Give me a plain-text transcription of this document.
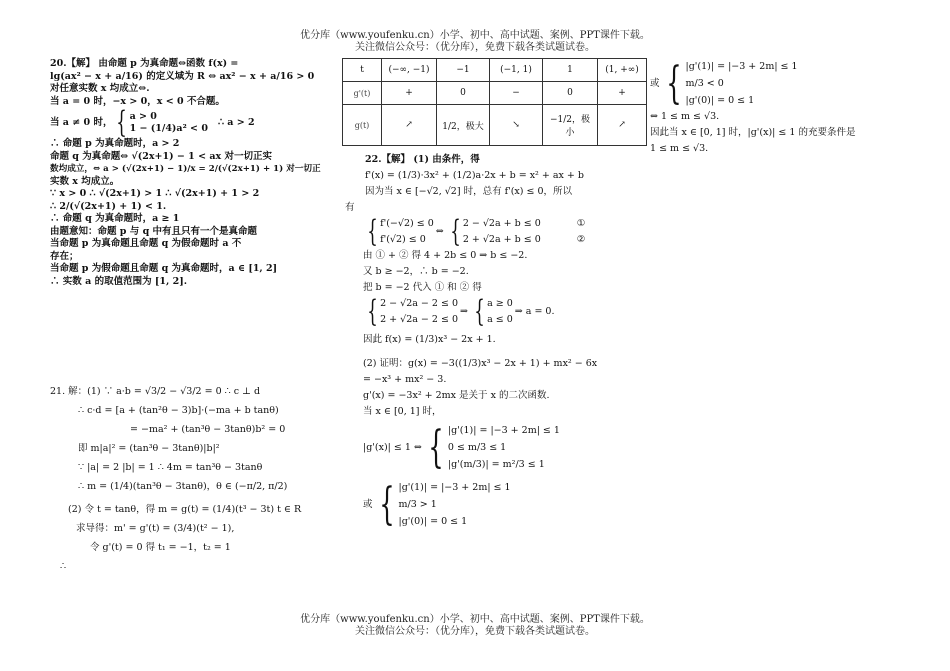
优分库（www.youfenku.cn）小学、初中、高中试题、案例、PPT课件下载。
关注微信公众号：（优分库），免费下载各类试题试卷。
20.【解】 由命题 p 为真命题⇔函数 f(x) =
lg(ax² − x + a/16) 的定义域为 R ⇔ ax² − x + a/16 > 0
对任意实数 x 均成立⇔.
当 a = 0 时，−x > 0，x < 0 不合题。
当 a ≠ 0 时， { a > 0
1 − (1/4)a² < 0
∴ a > 2
∴ 命题 p 为真命题时，a > 2
命题 q 为真命题⇔ √(2x+1) − 1 < ax 对一切正实
数均成立，⇔ a > (√(2x+1) − 1)/x = 2/(√(2x+1) + 1) 对一切正
实数 x 均成立。
∵ x > 0 ∴ √(2x+1) > 1 ∴ √(2x+1) + 1 > 2
∴ 2/(√(2x+1) + 1) < 1.
∴ 命题 q 为真命题时，a ≥ 1
由题意知：命题 p 与 q 中有且只有一个是真命题
当命题 p 为真命题且命题 q 为假命题时 a 不
存在；
当命题 p 为假命题且命题 q 为真命题时，a ∈ [1, 2]
∴ 实数 a 的取值范围为 [1, 2].
21. 解：(1) ∵ a·b = √3/2 − √3/2 = 0 ∴ c ⊥ d
∴ c·d = [a + (tan²θ − 3)b]·(−ma + b tanθ)
= −ma² + (tan³θ − 3tanθ)b² = 0
即 m|a|² = (tan³θ − 3tanθ)|b|²
∵ |a| = 2 |b| = 1 ∴ 4m = tan³θ − 3tanθ
∴ m = (1/4)(tan³θ − 3tanθ)，θ ∈ (−π/2, π/2)
(2) 令 t = tanθ，得 m = g(t) = (1/4)(t³ − 3t) t ∈ R
求导得：m' = g'(t) = (3/4)(t² − 1),
令 g'(t) = 0 得 t₁ = −1，t₂ = 1
∴
t	(−∞, −1)	−1	(−1, 1)	1	(1, +∞)
g'(t)	+	0	−	0	+
g(t)	↗	1/2，极大	↘	−1/2，极小	↗
22.【解】 (1) 由条件，得
f'(x) = (1/3)·3x² + (1/2)a·2x + b = x² + ax + b
因为当 x ∈ [−√2, √2] 时，总有 f'(x) ≤ 0，所以
有
{ f'(−√2) ≤ 0
f'(√2) ≤ 0
⇔ { 2 − √2a + b ≤ 0
2 + √2a + b ≤ 0
①
②
由 ① + ② 得 4 + 2b ≤ 0 ⇒ b ≤ −2.
又 b ≥ −2，∴ b = −2.
把 b = −2 代入 ① 和 ② 得
{ 2 − √2a − 2 ≤ 0
2 + √2a − 2 ≤ 0
⇒ { a ≥ 0
a ≤ 0
⇒ a = 0.
因此 f(x) = (1/3)x³ − 2x + 1.
(2) 证明：g(x) = −3((1/3)x³ − 2x + 1) + mx² − 6x
= −x³ + mx² − 3.
g'(x) = −3x² + 2mx 是关于 x 的二次函数.
当 x ∈ [0, 1] 时，
|g'(x)| ≤ 1 ⇔ { |g'(1)| = |−3 + 2m| ≤ 1
0 ≤ m/3 ≤ 1
|g'(m/3)| = m²/3 ≤ 1
或 { |g'(1)| = |−3 + 2m| ≤ 1
m/3 > 1
|g'(0)| = 0 ≤ 1
或 { |g'(1)| = |−3 + 2m| ≤ 1
m/3 < 0
|g'(0)| = 0 ≤ 1
⇔ 1 ≤ m ≤ √3.
因此当 x ∈ [0, 1] 时，|g'(x)| ≤ 1 的充要条件是
1 ≤ m ≤ √3.
优分库（www.youfenku.cn）小学、初中、高中试题、案例、PPT课件下载。
关注微信公众号：（优分库），免费下载各类试题试卷。
